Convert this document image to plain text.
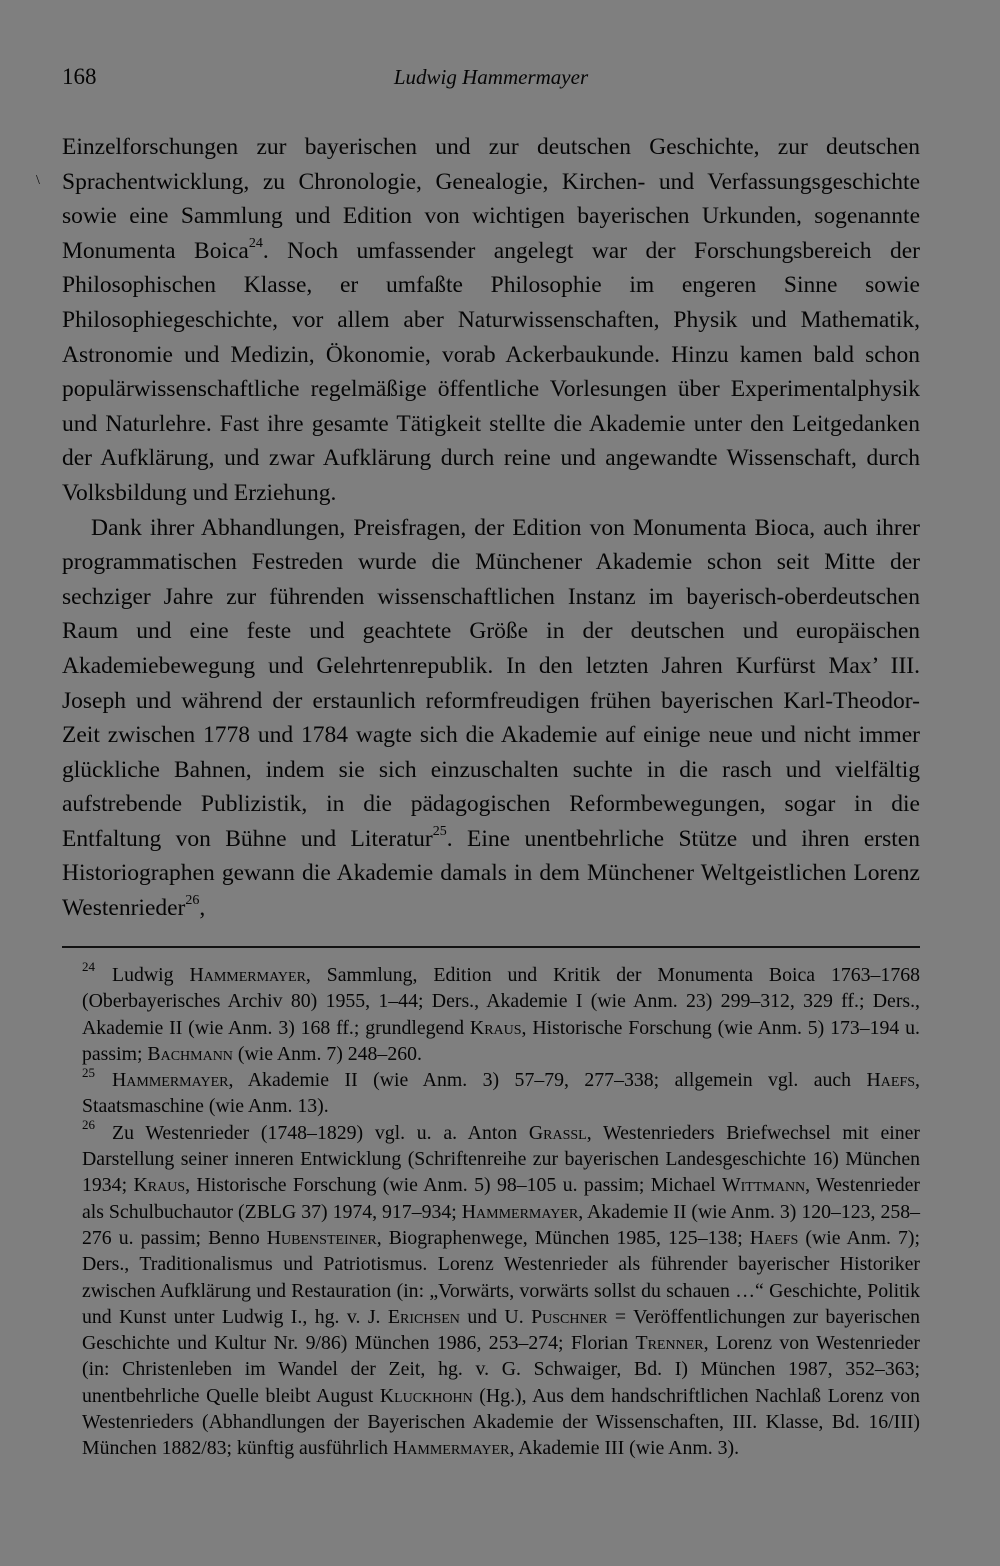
168	Ludwig Hammermayer
\

Einzelforschungen zur bayerischen und zur deutschen Geschichte, zur deutschen Sprachentwicklung, zu Chronologie, Genealogie, Kirchen- und Verfassungsgeschichte sowie eine Sammlung und Edition von wichtigen bayerischen Urkunden, sogenannte Monumenta Boica$^{24}$. Noch umfassender angelegt war der Forschungsbereich der Philosophischen Klasse, er umfaßte Philosophie im engeren Sinne sowie Philosophiegeschichte, vor allem aber Naturwissenschaften, Physik und Mathematik, Astronomie und Medizin, Ökonomie, vorab Ackerbaukunde. Hinzu kamen bald schon populärwissenschaftliche regelmäßige öffentliche Vorlesungen über Experimentalphysik und Naturlehre. Fast ihre gesamte Tätigkeit stellte die Akademie unter den Leitgedanken der Aufklärung, und zwar Aufklärung durch reine und angewandte Wissenschaft, durch Volksbildung und Erziehung.

Dank ihrer Abhandlungen, Preisfragen, der Edition von Monumenta Bioca, auch ihrer programmatischen Festreden wurde die Münchener Akademie schon seit Mitte der sechziger Jahre zur führenden wissenschaftlichen Instanz im bayerisch-oberdeutschen Raum und eine feste und geachtete Größe in der deutschen und europäischen Akademiebewegung und Gelehrtenrepublik. In den letzten Jahren Kurfürst Max’ III. Joseph und während der erstaunlich reformfreudigen frühen bayerischen Karl-Theodor-Zeit zwischen 1778 und 1784 wagte sich die Akademie auf einige neue und nicht immer glückliche Bahnen, indem sie sich einzuschalten suchte in die rasch und vielfältig aufstrebende Publizistik, in die pädagogischen Reformbewegungen, sogar in die Entfaltung von Bühne und Literatur$^{25}$. Eine unentbehrliche Stütze und ihren ersten Historiographen gewann die Akademie damals in dem Münchener Weltgeistlichen Lorenz Westenrieder$^{26}$,

$^{24}$ Ludwig Hammermayer, Sammlung, Edition und Kritik der Monumenta Boica 1763–1768 (Oberbayerisches Archiv 80) 1955, 1–44; Ders., Akademie I (wie Anm. 23) 299–312, 329 ff.; Ders., Akademie II (wie Anm. 3) 168 ff.; grundlegend Kraus, Historische Forschung (wie Anm. 5) 173–194 u. passim; Bachmann (wie Anm. 7) 248–260.

$^{25}$ Hammermayer, Akademie II (wie Anm. 3) 57–79, 277–338; allgemein vgl. auch Haefs, Staatsmaschine (wie Anm. 13).

$^{26}$ Zu Westenrieder (1748–1829) vgl. u. a. Anton Grassl, Westenrieders Briefwechsel mit einer Darstellung seiner inneren Entwicklung (Schriftenreihe zur bayerischen Landesgeschichte 16) München 1934; Kraus, Historische Forschung (wie Anm. 5) 98–105 u. passim; Michael Wittmann, Westenrieder als Schulbuchautor (ZBLG 37) 1974, 917–934; Hammermayer, Akademie II (wie Anm. 3) 120–123, 258–276 u. passim; Benno Hubensteiner, Biographenwege, München 1985, 125–138; Haefs (wie Anm. 7); Ders., Traditionalismus und Patriotismus. Lorenz Westenrieder als führender bayerischer Historiker zwischen Aufklärung und Restauration (in: „Vorwärts, vorwärts sollst du schauen …“ Geschichte, Politik und Kunst unter Ludwig I., hg. v. J. Erichsen und U. Puschner = Veröffentlichungen zur bayerischen Geschichte und Kultur Nr. 9/86) München 1986, 253–274; Florian Trenner, Lorenz von Westenrieder (in: Christenleben im Wandel der Zeit, hg. v. G. Schwaiger, Bd. I) München 1987, 352–363; unentbehrliche Quelle bleibt August Kluckhohn (Hg.), Aus dem handschriftlichen Nachlaß Lorenz von Westenrieders (Abhandlungen der Bayerischen Akademie der Wissenschaften, III. Klasse, Bd. 16/III) München 1882/83; künftig ausführlich Hammermayer, Akademie III (wie Anm. 3).
